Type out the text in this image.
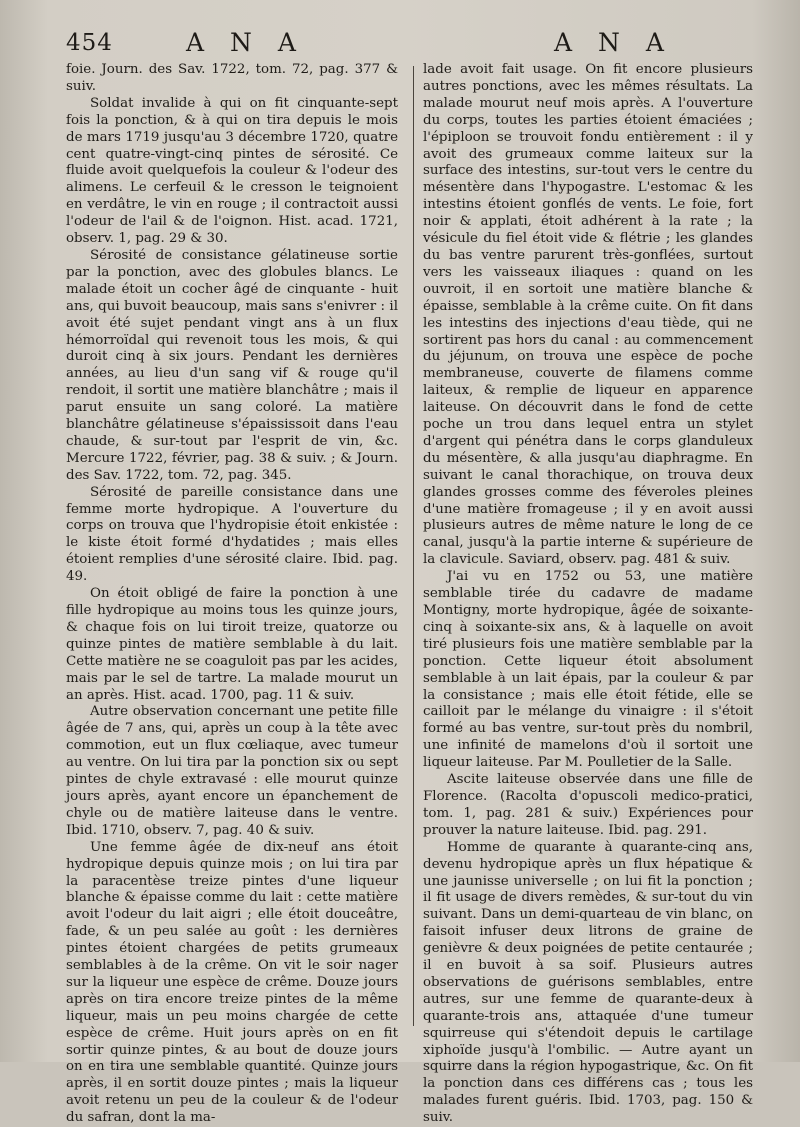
454	A N A	A N A

foie. Journ. des Sav. 1722, tom. 72, pag. 377 & suiv.

Soldat invalide à qui on fit cinquante-sept fois la ponction, & à qui on tira depuis le mois de mars 1719 jusqu'au 3 décembre 1720, quatre cent quatre-vingt-cinq pintes de sérosité. Ce fluide avoit quelquefois la couleur & l'odeur des alimens. Le cerfeuil & le cresson le teignoient en verdâtre, le vin en rouge ; il contractoit aussi l'odeur de l'ail & de l'oignon. Hist. acad. 1721, observ. 1, pag. 29 & 30.

Sérosité de consistance gélatineuse sortie par la ponction, avec des globules blancs. Le malade étoit un cocher âgé de cinquante - huit ans, qui buvoit beaucoup, mais sans s'enivrer : il avoit été sujet pendant vingt ans à un flux hémorroïdal qui revenoit tous les mois, & qui duroit cinq à six jours. Pendant les dernières années, au lieu d'un sang vif & rouge qu'il rendoit, il sortit une matière blanchâtre ; mais il parut ensuite un sang coloré. La matière blanchâtre gélatineuse s'épaississoit dans l'eau chaude, & sur-tout par l'esprit de vin, &c. Mercure 1722, février, pag. 38 & suiv. ; & Journ. des Sav. 1722, tom. 72, pag. 345.

Sérosité de pareille consistance dans une femme morte hydropique. A l'ouverture du corps on trouva que l'hydropisie étoit enkistée : le kiste étoit formé d'hydatides ; mais elles étoient remplies d'une sérosité claire. Ibid. pag. 49.

On étoit obligé de faire la ponction à une fille hydropique au moins tous les quinze jours, & chaque fois on lui tiroit treize, quatorze ou quinze pintes de matière semblable à du lait. Cette matière ne se coaguloit pas par les acides, mais par le sel de tartre. La malade mourut un an après. Hist. acad. 1700, pag. 11 & suiv.

Autre observation concernant une petite fille âgée de 7 ans, qui, après un coup à la tête avec commotion, eut un flux cœliaque, avec tumeur au ventre. On lui tira par la ponction six ou sept pintes de chyle extravasé : elle mourut quinze jours après, ayant encore un épanchement de chyle ou de matière laiteuse dans le ventre. Ibid. 1710, observ. 7, pag. 40 & suiv.

Une femme âgée de dix-neuf ans étoit hydropique depuis quinze mois ; on lui tira par la paracentèse treize pintes d'une liqueur blanche & épaisse comme du lait : cette matière avoit l'odeur du lait aigri ; elle étoit douceâtre, fade, & un peu salée au goût : les dernières pintes étoient chargées de petits grumeaux semblables à de la crême. On vit le soir nager sur la liqueur une espèce de crême. Douze jours après on tira encore treize pintes de la même liqueur, mais un peu moins chargée de cette espèce de crême. Huit jours après on en fit sortir quinze pintes, & au bout de douze jours on en tira une semblable quantité. Quinze jours après, il en sortit douze pintes ; mais la liqueur avoit retenu un peu de la couleur & de l'odeur du safran, dont la ma-

lade avoit fait usage. On fit encore plusieurs autres ponctions, avec les mêmes résultats. La malade mourut neuf mois après. A l'ouverture du corps, toutes les parties étoient émaciées ; l'épiploon se trouvoit fondu entièrement : il y avoit des grumeaux comme laiteux sur la surface des intestins, sur-tout vers le centre du mésentère dans l'hypogastre. L'estomac & les intestins étoient gonflés de vents. Le foie, fort noir & applati, étoit adhérent à la rate ; la vésicule du fiel étoit vide & flétrie ; les glandes du bas ventre parurent très-gonflées, surtout vers les vaisseaux iliaques : quand on les ouvroit, il en sortoit une matière blanche & épaisse, semblable à la crême cuite. On fit dans les intestins des injections d'eau tiède, qui ne sortirent pas hors du canal : au commencement du jéjunum, on trouva une espèce de poche membraneuse, couverte de filamens comme laiteux, & remplie de liqueur en apparence laiteuse. On découvrit dans le fond de cette poche un trou dans lequel entra un stylet d'argent qui pénétra dans le corps glanduleux du mésentère, & alla jusqu'au diaphragme. En suivant le canal thorachique, on trouva deux glandes grosses comme des féveroles pleines d'une matière fromageuse ; il y en avoit aussi plusieurs autres de même nature le long de ce canal, jusqu'à la partie interne & supérieure de la clavicule. Saviard, observ. pag. 481 & suiv.

J'ai vu en 1752 ou 53, une matière semblable tirée du cadavre de madame Montigny, morte hydropique, âgée de soixante-cinq à soixante-six ans, & à laquelle on avoit tiré plusieurs fois une matière semblable par la ponction. Cette liqueur étoit absolument semblable à un lait épais, par la couleur & par la consistance ; mais elle étoit fétide, elle se cailloit par le mélange du vinaigre : il s'étoit formé au bas ventre, sur-tout près du nombril, une infinité de mamelons d'où il sortoit une liqueur laiteuse. Par M. Poulletier de la Salle.

Ascite laiteuse observée dans une fille de Florence. (Racolta d'opuscoli medico-pratici, tom. 1, pag. 281 & suiv.) Expériences pour prouver la nature laiteuse. Ibid. pag. 291.

Homme de quarante à quarante-cinq ans, devenu hydropique après un flux hépatique & une jaunisse universelle ; on lui fit la ponction ; il fit usage de divers remèdes, & sur-tout du vin suivant. Dans un demi-quarteau de vin blanc, on faisoit infuser deux litrons de graine de genièvre & deux poignées de petite centaurée ; il en buvoit à sa soif. Plusieurs autres observations de guérisons semblables, entre autres, sur une femme de quarante-deux à quarante-trois ans, attaquée d'une tumeur squirreuse qui s'étendoit depuis le cartilage xiphoïde jusqu'à l'ombilic. — Autre ayant un squirre dans la région hypogastrique, &c. On fit la ponction dans ces différens cas ; tous les malades furent guéris. Ibid. 1703, pag. 150 & suiv.
